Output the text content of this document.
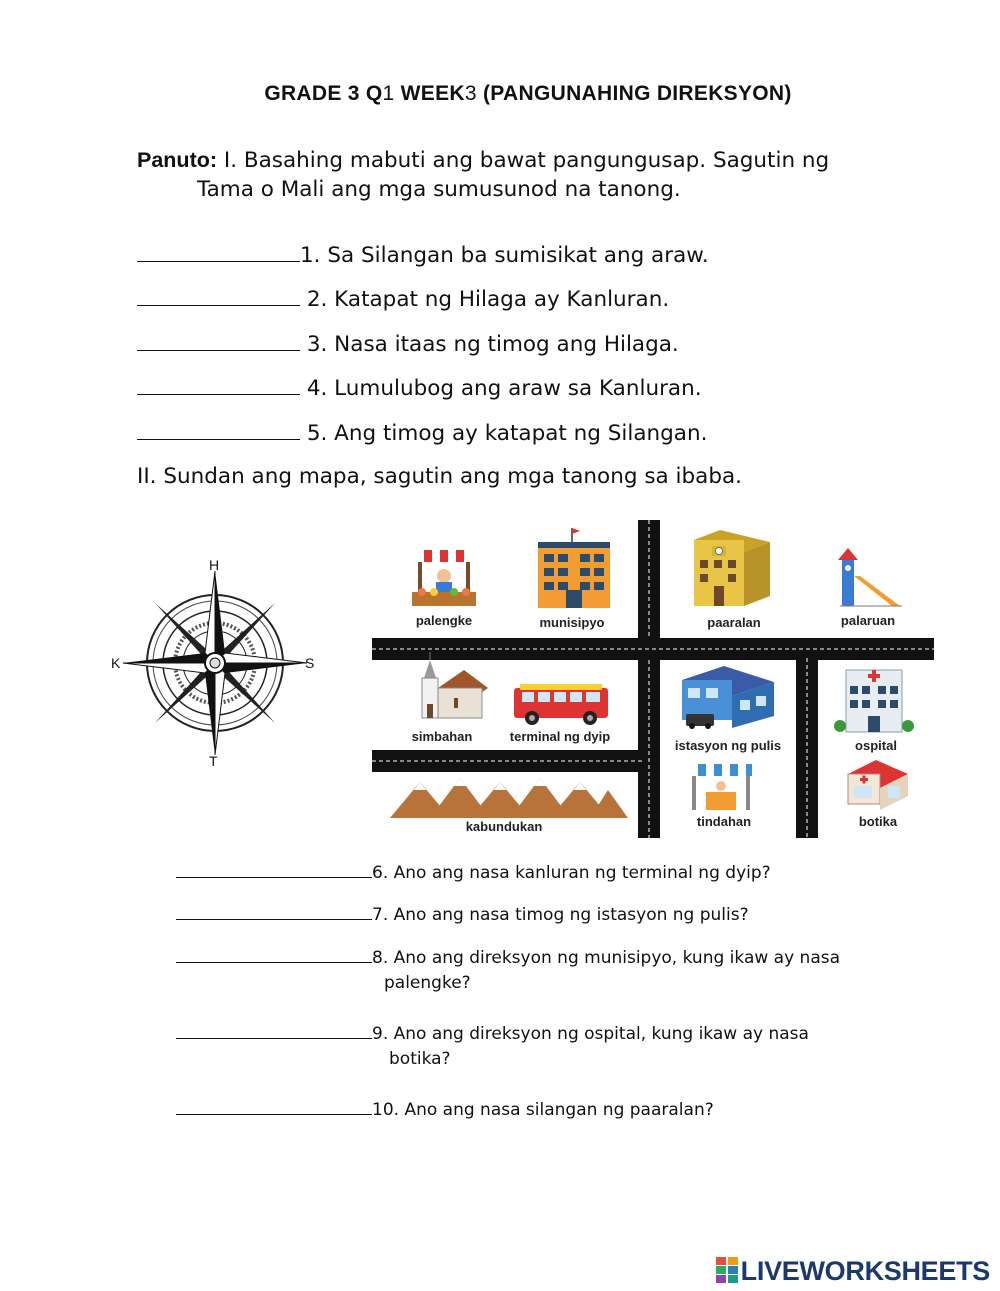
GRADE 3 Q1 WEEK3 (PANGUNAHING DIREKSYON)
Panuto: I. Basahing mabuti ang bawat pangungusap. Sagutin ng
Tama o Mali ang mga sumusunod na tanong.
1. Sa Silangan ba sumisikat ang araw.
2. Katapat ng Hilaga ay Kanluran.
3. Nasa itaas ng timog ang Hilaga.
4. Lumulubog ang araw sa Kanluran.
5. Ang timog ay katapat ng Silangan.
II. Sundan ang mapa, sagutin ang mga tanong sa ibaba.
H
T
K	S
palengke	munisipyo	paaralan	palaruan
simbahan	terminal ng dyip
istasyon ng pulis	ospital
kabundukan	tindahan	botika
6. Ano ang nasa kanluran ng terminal ng dyip?
7. Ano ang nasa timog ng istasyon ng pulis?
8. Ano ang direksyon ng munisipyo, kung ikaw ay nasa
palengke?
9. Ano ang direksyon ng ospital, kung ikaw ay nasa
botika?
10. Ano ang nasa silangan ng paaralan?
LIVEWORKSHEETS
